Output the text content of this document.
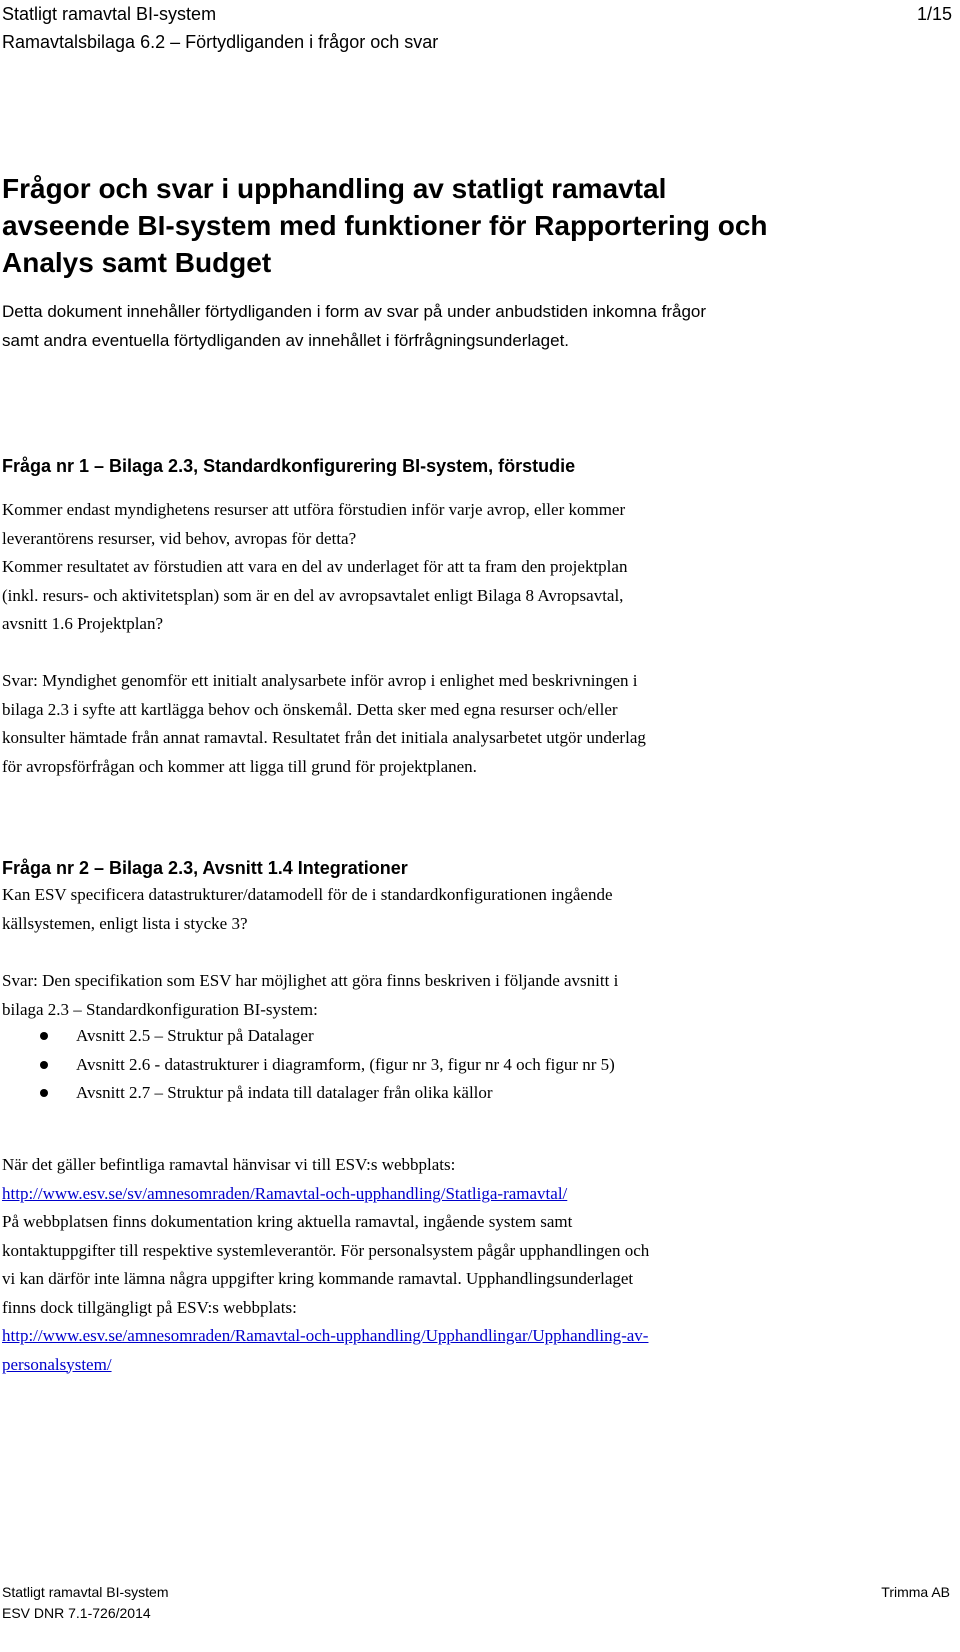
Statligt ramavtal BI-system	1/15
Ramavtalsbilaga 6.2 – Förtydliganden i frågor och svar
Frågor och svar i upphandling av statligt ramavtal
avseende BI-system med funktioner för Rapportering och
Analys samt Budget

Detta dokument innehåller förtydliganden i form av svar på under anbudstiden inkomna frågor
samt andra eventuella förtydliganden av innehållet i förfrågningsunderlaget.

Fråga nr 1 – Bilaga 2.3, Standardkonfigurering BI-system, förstudie

Kommer endast myndighetens resurser att utföra förstudien inför varje avrop, eller kommer
leverantörens resurser, vid behov, avropas för detta?

Kommer resultatet av förstudien att vara en del av underlaget för att ta fram den projektplan
(inkl. resurs- och aktivitetsplan) som är en del av avropsavtalet enligt Bilaga 8 Avropsavtal,
avsnitt 1.6 Projektplan?

Svar: Myndighet genomför ett initialt analysarbete inför avrop i enlighet med beskrivningen i
bilaga 2.3 i syfte att kartlägga behov och önskemål. Detta sker med egna resurser och/eller
konsulter hämtade från annat ramavtal. Resultatet från det initiala analysarbetet utgör underlag
för avropsförfrågan och kommer att ligga till grund för projektplanen.

Fråga nr 2 – Bilaga 2.3, Avsnitt 1.4 Integrationer

Kan ESV specificera datastrukturer/datamodell för de i standardkonfigurationen ingående
källsystemen, enligt lista i stycke 3?

Svar: Den specifikation som ESV har möjlighet att göra finns beskriven i följande avsnitt i
bilaga 2.3 – Standardkonfiguration BI-system:

Avsnitt 2.5 – Struktur på Datalager
Avsnitt 2.6 - datastrukturer i diagramform, (figur nr 3, figur nr 4 och figur nr 5)
Avsnitt 2.7 – Struktur på indata till datalager från olika källor

När det gäller befintliga ramavtal hänvisar vi till ESV:s webbplats:
http://www.esv.se/sv/amnesomraden/Ramavtal-och-upphandling/Statliga-ramavtal/
På webbplatsen finns dokumentation kring aktuella ramavtal, ingående system samt
kontaktuppgifter till respektive systemleverantör. För personalsystem pågår upphandlingen och
vi kan därför inte lämna några uppgifter kring kommande ramavtal. Upphandlingsunderlaget
finns dock tillgängligt på ESV:s webbplats:
http://www.esv.se/amnesomraden/Ramavtal-och-upphandling/Upphandlingar/Upphandling-av-
personalsystem/

Statligt ramavtal BI-system	Trimma AB
ESV DNR 7.1-726/2014
